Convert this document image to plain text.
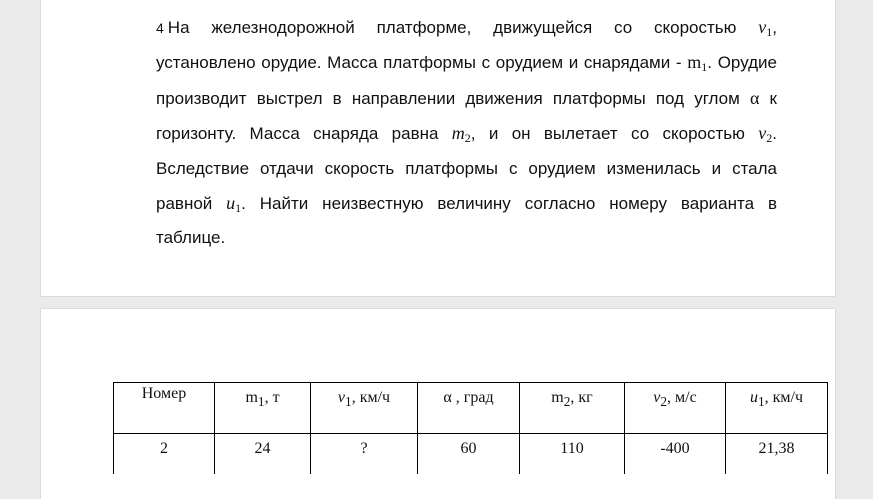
4 На железнодорожной платформе, движущейся со скоростью $v_1$, установлено орудие. Масса платформы с орудием и снарядами - $m_1$. Орудие производит выстрел в направлении движения платформы под углом α к горизонту. Масса снаряда равна $m_2$, и он вылетает со скоростью $v_2$. Вследствие отдачи скорость платформы с орудием изменилась и стала равной $u_1$. Найти неизвестную величину согласно номеру варианта в таблице.
Номер	$m_1$, т	$v_1$, км/ч	α , град	$m_2$, кг	$v_2$, м/с	$u_1$, км/ч
2	24	?	60	110	-400	21,38
